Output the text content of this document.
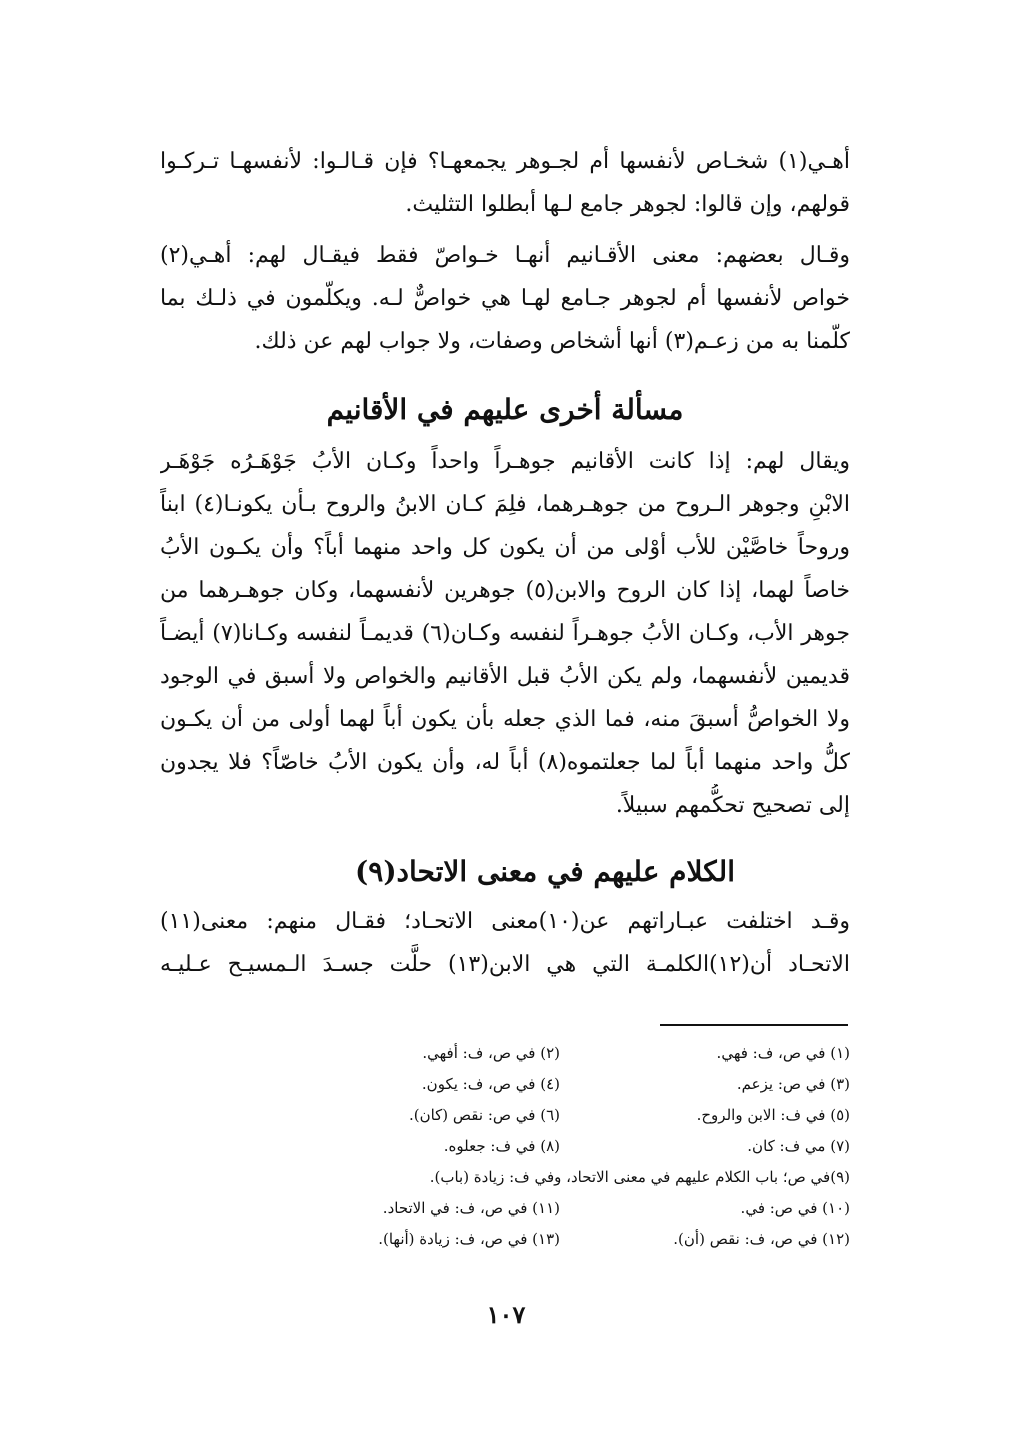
أهـي(١) شخـاص لأنفسها أم لجـوهر يجمعهـا؟ فإن قـالـوا: لأنفسهـا تـركـوا
قولهم، وإن قالوا: لجوهر جامع لـها أبطلوا التثليث.
وقـال بعضهم: معنى الأقـانيم أنهـا خـواصّ فقط فيقـال لهم: أهـي(٢)
خواص لأنفسها أم لجوهر جـامع لهـا هي خواصٌّ لـه. ويكلّمون في ذلـك بما
كلّمنا به من زعـم(٣) أنها أشخاص وصفات، ولا جواب لهم عن ذلك.
مسألة أخرى عليهم في الأقانيم
ويقال لهم: إذا كانت الأقانيم جوهـراً واحداً وكـان الأبُ جَوْهَـرُه جَوْهَـر
الابْنِ وجوهر الـروح من جوهـرهما، فلِمَ كـان الابنُ والروح بـأن يكونـا(٤) ابناً
وروحاً خاصَّيْن للأب أوْلى من أن يكون كل واحد منهما أباً؟ وأن يكـون الأبُ
خاصاً لهما، إذا كان الروح والابن(٥) جوهرين لأنفسهما، وكان جوهـرهما من
جوهر الأب، وكـان الأبُ جوهـراً لنفسه وكـان(٦) قديمـاً لنفسه وكـانا(٧) أيضـاً
قديمين لأنفسهما، ولم يكن الأبُ قبل الأقانيم والخواص ولا أسبق في الوجود
ولا الخواصُّ أسبقَ منه، فما الذي جعله بأن يكون أباً لهما أولى من أن يكـون
كلُّ واحد منهما أباً لما جعلتموه(٨) أباً له، وأن يكون الأبُ خاصّاً؟ فلا يجدون
إلى تصحيح تحكُّمهم سبيلاً.
الكلام عليهم في معنى الاتحاد(٩)
وقـد اختلفت عبـاراتهم عن(١٠)معنى الاتحـاد؛ فقـال منهم: معنى(١١)
الاتحـاد أن(١٢)الكلمـة التي هي الابن(١٣) حلَّت جسـدَ الـمسيـح عـليـه
(١) في ص، ف: فهي.
(٢) في ص، ف: أفهي.
(٣) في ص: يزعم.
(٤) في ص، ف: يكون.
(٥) في ف: الابن والروح.
(٦) في ص: نقص (كان).
(٧) مي ف: كان.
(٨) في ف: جعلوه.
(٩)في ص؛ باب الكلام عليهم في معنى الاتحاد، وفي ف: زيادة (باب).
(١٠) في ص: في.
(١١) في ص، ف: في الاتحاد.
(١٢) في ص، ف: نقص (أن).
(١٣) في ص، ف: زيادة (أنها).
١٠٧
